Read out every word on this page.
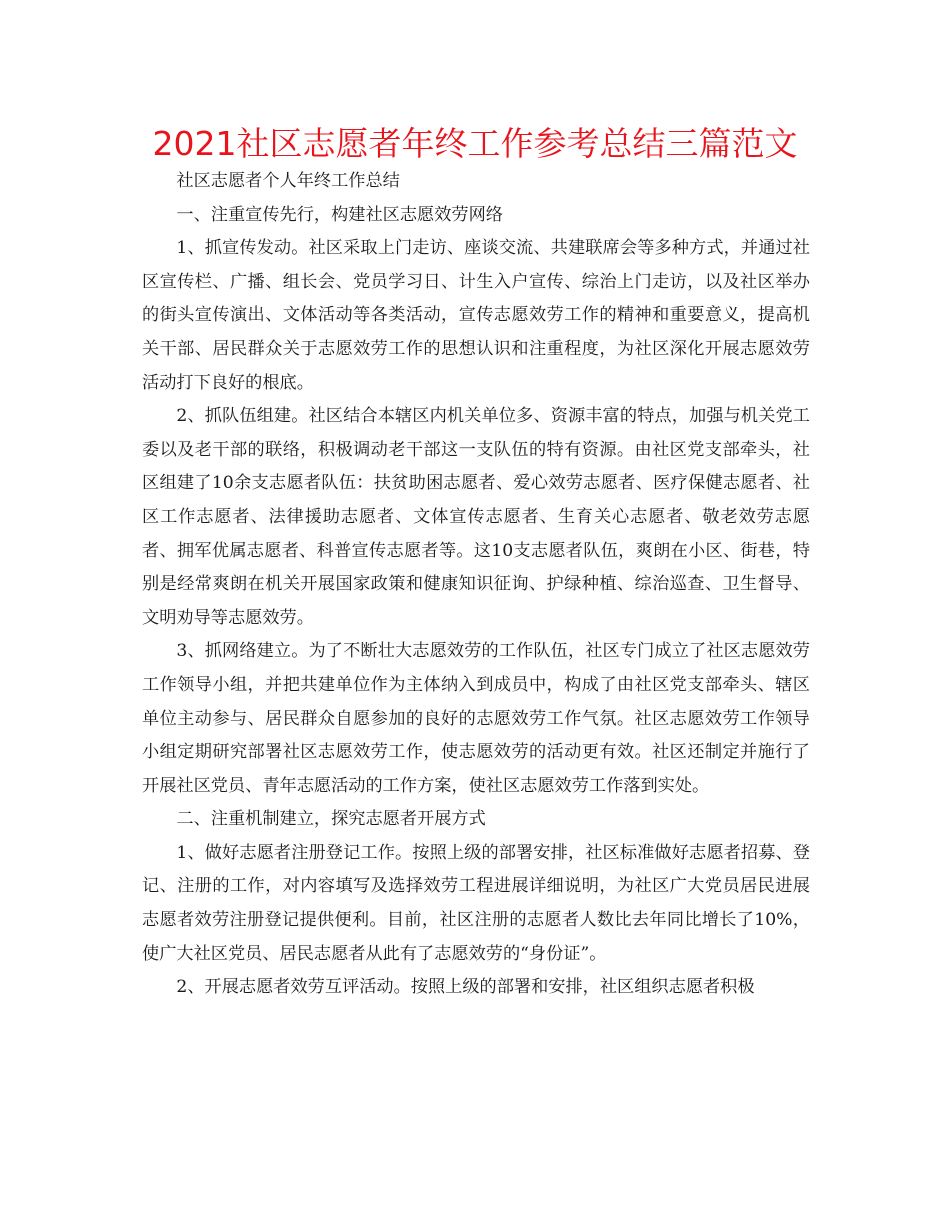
2021社区志愿者年终工作参考总结三篇范文

社区志愿者个人年终工作总结

一、注重宣传先行，构建社区志愿效劳网络

1、抓宣传发动。社区采取上门走访、座谈交流、共建联席会等多种方式，并通过社区宣传栏、广播、组长会、党员学习日、计生入户宣传、综治上门走访，以及社区举办的街头宣传演出、文体活动等各类活动，宣传志愿效劳工作的精神和重要意义，提高机关干部、居民群众关于志愿效劳工作的思想认识和注重程度，为社区深化开展志愿效劳活动打下良好的根底。

2、抓队伍组建。社区结合本辖区内机关单位多、资源丰富的特点，加强与机关党工委以及老干部的联络，积极调动老干部这一支队伍的特有资源。由社区党支部牵头，社区组建了10余支志愿者队伍：扶贫助困志愿者、爱心效劳志愿者、医疗保健志愿者、社区工作志愿者、法律援助志愿者、文体宣传志愿者、生育关心志愿者、敬老效劳志愿者、拥军优属志愿者、科普宣传志愿者等。这10支志愿者队伍，爽朗在小区、街巷，特别是经常爽朗在机关开展国家政策和健康知识征询、护绿种植、综治巡查、卫生督导、文明劝导等志愿效劳。

3、抓网络建立。为了不断壮大志愿效劳的工作队伍，社区专门成立了社区志愿效劳工作领导小组，并把共建单位作为主体纳入到成员中，构成了由社区党支部牵头、辖区单位主动参与、居民群众自愿参加的良好的志愿效劳工作气氛。社区志愿效劳工作领导小组定期研究部署社区志愿效劳工作，使志愿效劳的活动更有效。社区还制定并施行了开展社区党员、青年志愿活动的工作方案，使社区志愿效劳工作落到实处。

二、注重机制建立，探究志愿者开展方式

1、做好志愿者注册登记工作。按照上级的部署安排，社区标准做好志愿者招募、登记、注册的工作，对内容填写及选择效劳工程进展详细说明，为社区广大党员居民进展志愿者效劳注册登记提供便利。目前，社区注册的志愿者人数比去年同比增长了10%，使广大社区党员、居民志愿者从此有了志愿效劳的“身份证”。

2、开展志愿者效劳互评活动。按照上级的部署和安排，社区组织志愿者积极
